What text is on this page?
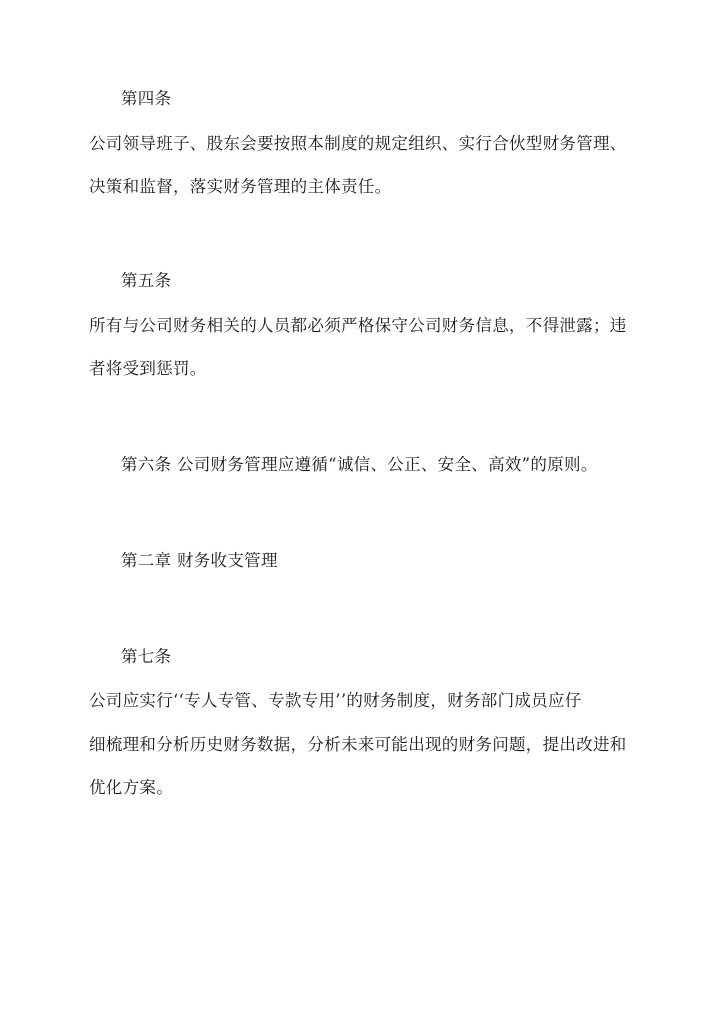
第四条
公司领导班子、股东会要按照本制度的规定组织、实行合伙型财务管理、
决策和监督，落实财务管理的主体责任。
第五条
所有与公司财务相关的人员都必须严格保守公司财务信息，不得泄露；违
者将受到惩罚。
第六条 公司财务管理应遵循“诚信、公正、安全、高效”的原则。
第二章 财务收支管理
第七条
公司应实行‘‘专人专管、专款专用’’的财务制度，财务部门成员应仔
细梳理和分析历史财务数据，分析未来可能出现的财务问题，提出改进和
优化方案。
